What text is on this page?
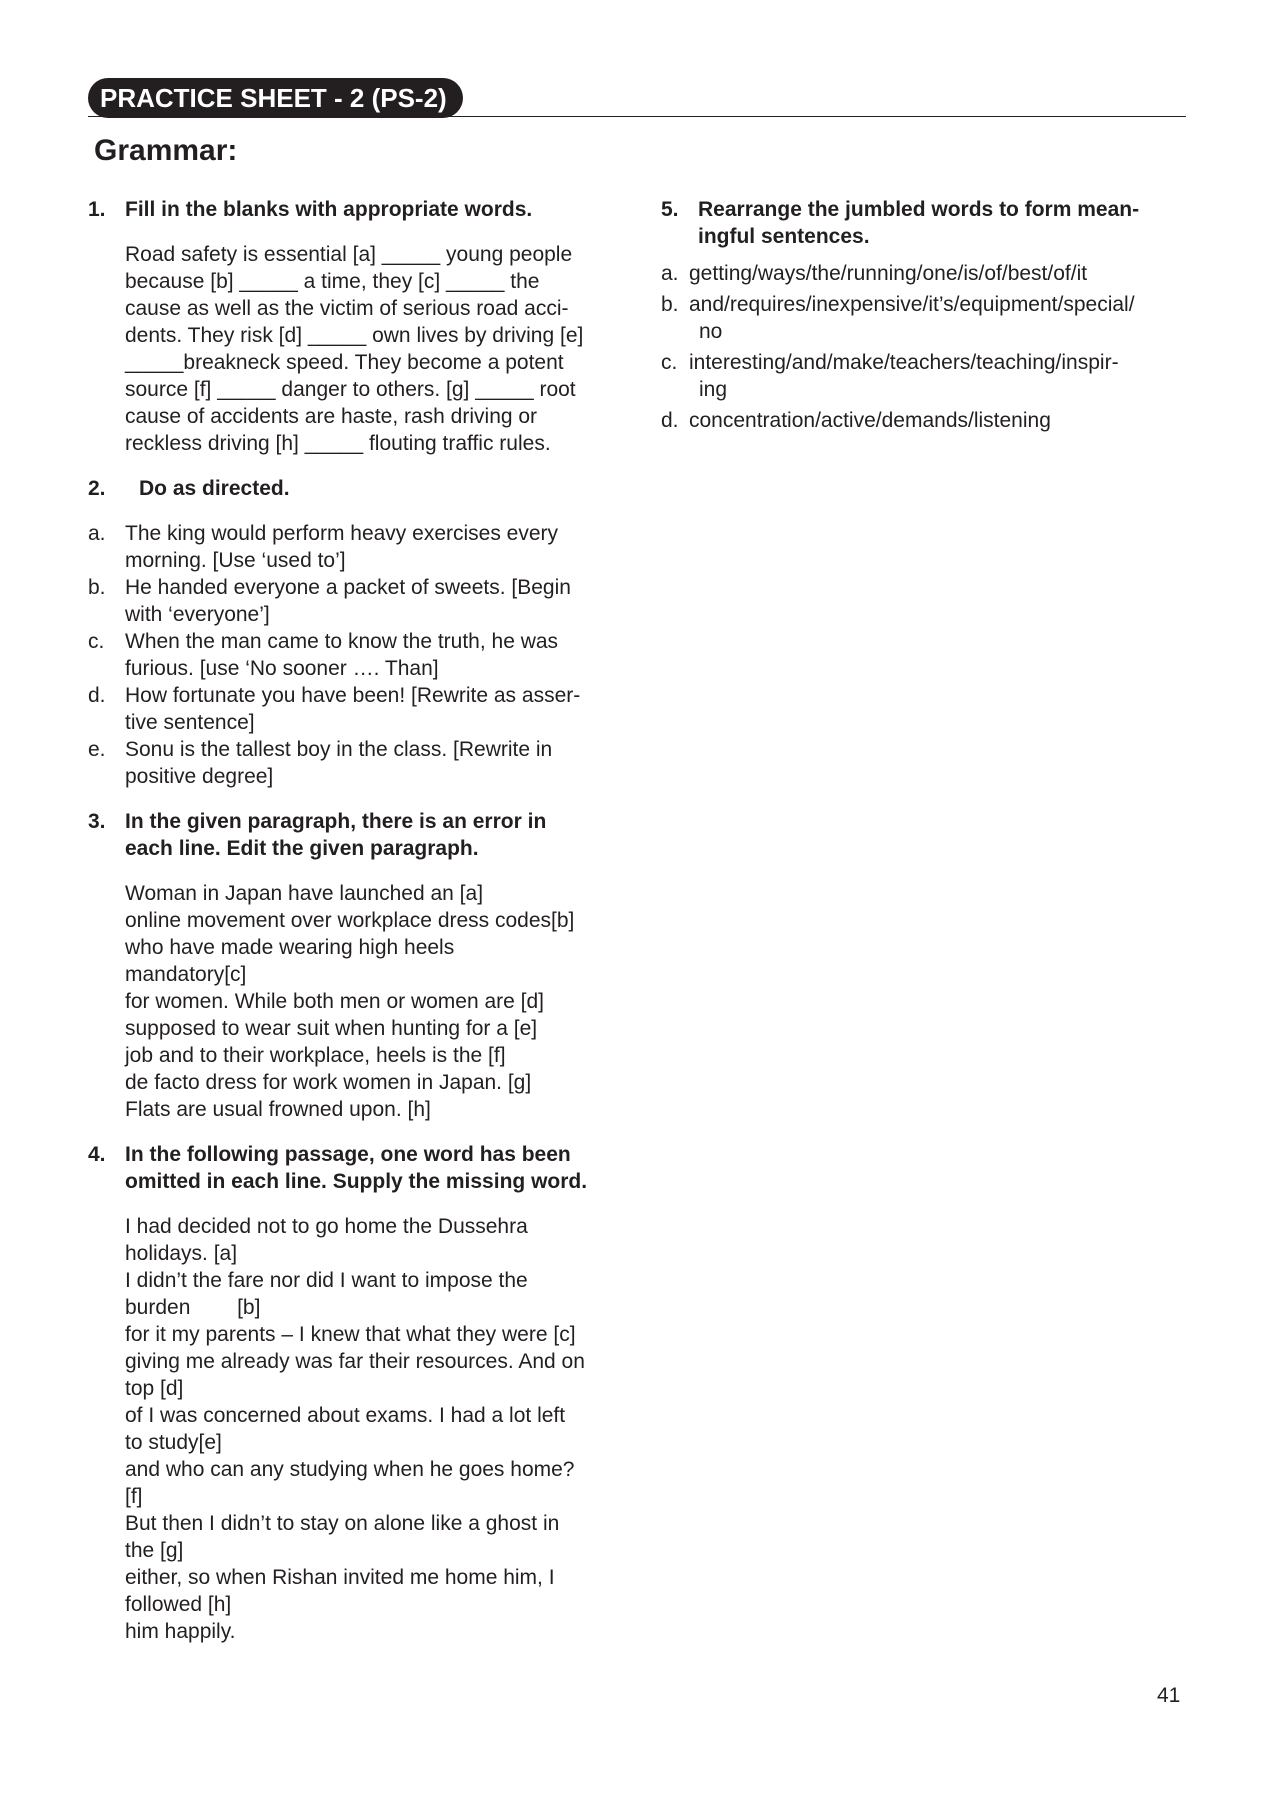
PRACTICE SHEET - 2 (PS-2)
Grammar:
1. Fill in the blanks with appropriate words.
Road safety is essential [a] _____ young people
because [b] _____ a time, they [c] _____ the
cause as well as the victim of serious road acci-
dents. They risk [d] _____ own lives by driving [e]
_____breakneck speed. They become a potent
source [f] _____ danger to others. [g] _____ root
cause of accidents are haste, rash driving or
reckless driving [h] _____ flouting traffic rules.
2.	Do as directed.
a. The king would perform heavy exercises every
morning. [Use ‘used to’]
b. He handed everyone a packet of sweets. [Begin
with ‘everyone’]
c. When the man came to know the truth, he was
furious. [use ‘No sooner …. Than]
d. How fortunate you have been! [Rewrite as asser-
tive sentence]
e. Sonu is the tallest boy in the class. [Rewrite in
positive degree]
3. In the given paragraph, there is an error in
each line. Edit the given paragraph.
Woman in Japan have launched an [a]
online movement over workplace dress codes[b]
who have made wearing high heels
mandatory[c]
for women. While both men or women are [d]
supposed to wear suit when hunting for a [e]
job and to their workplace, heels is the [f]
de facto dress for work women in Japan. [g]
Flats are usual frowned upon. [h]
4. In the following passage, one word has been
omitted in each line. Supply the missing word.
I had decided not to go home the Dussehra
holidays. [a]
I didn’t the fare nor did I want to impose the
burden        [b]
for it my parents – I knew that what they were [c]
giving me already was far their resources. And on
top [d]
of I was concerned about exams. I had a lot left
to study[e]
and who can any studying when he goes home?
[f]
But then I didn’t to stay on alone like a ghost in
the [g]
either, so when Rishan invited me home him, I
followed [h]
him happily.
5. Rearrange the jumbled words to form mean-
ingful sentences.
a. getting/ways/the/running/one/is/of/best/of/it
b. and/requires/inexpensive/it’s/equipment/special/
no
c. interesting/and/make/teachers/teaching/inspir-
ing
d. concentration/active/demands/listening
41
